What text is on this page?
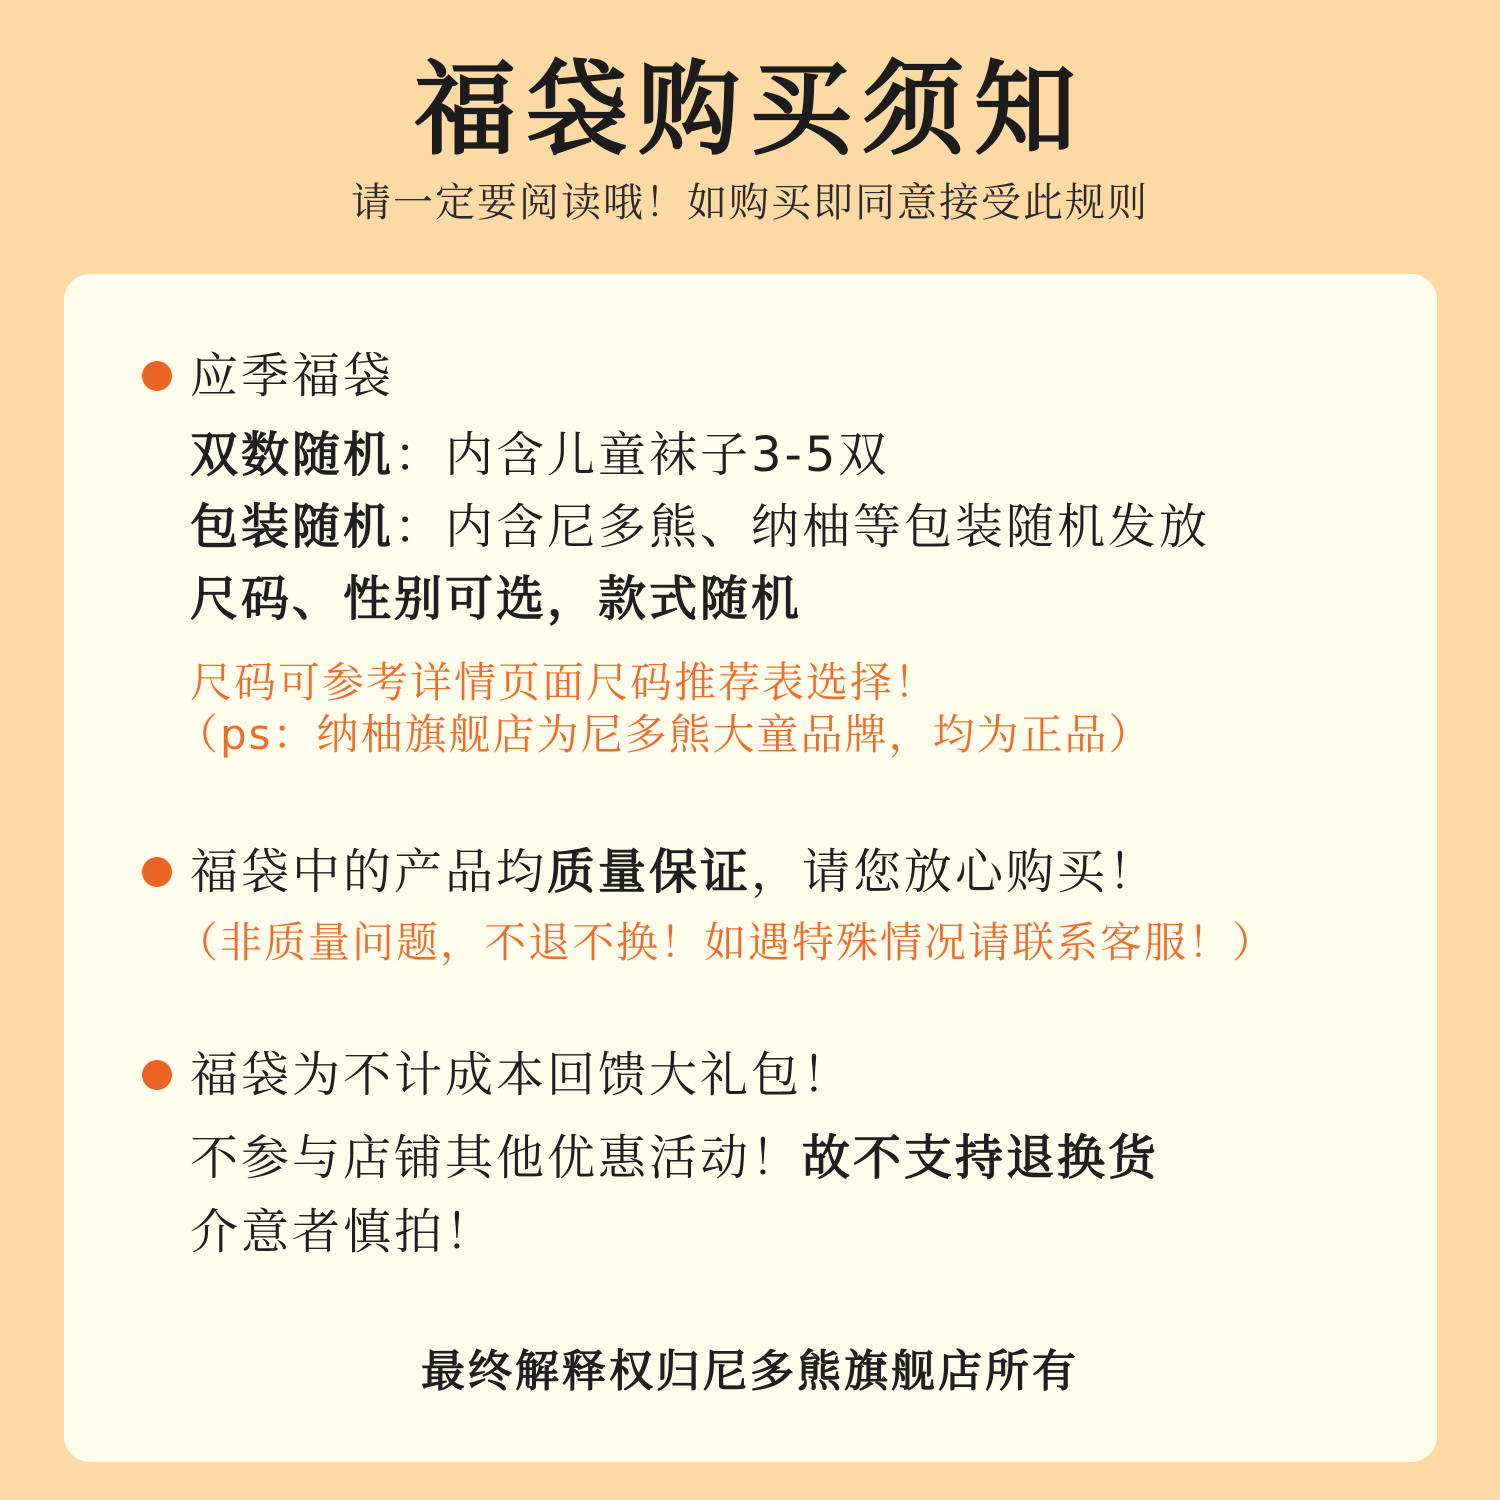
福袋购买须知
请一定要阅读哦！如购买即同意接受此规则
应季福袋
双数随机：内含儿童袜子3-5双
包装随机：内含尼多熊、纳柚等包装随机发放
尺码、性别可选，款式随机
尺码可参考详情页面尺码推荐表选择！
（ps：纳柚旗舰店为尼多熊大童品牌，均为正品）
福袋中的产品均质量保证，请您放心购买！
（非质量问题，不退不换！如遇特殊情况请联系客服！）
福袋为不计成本回馈大礼包！
不参与店铺其他优惠活动！故不支持退换货
介意者慎拍！
最终解释权归尼多熊旗舰店所有
